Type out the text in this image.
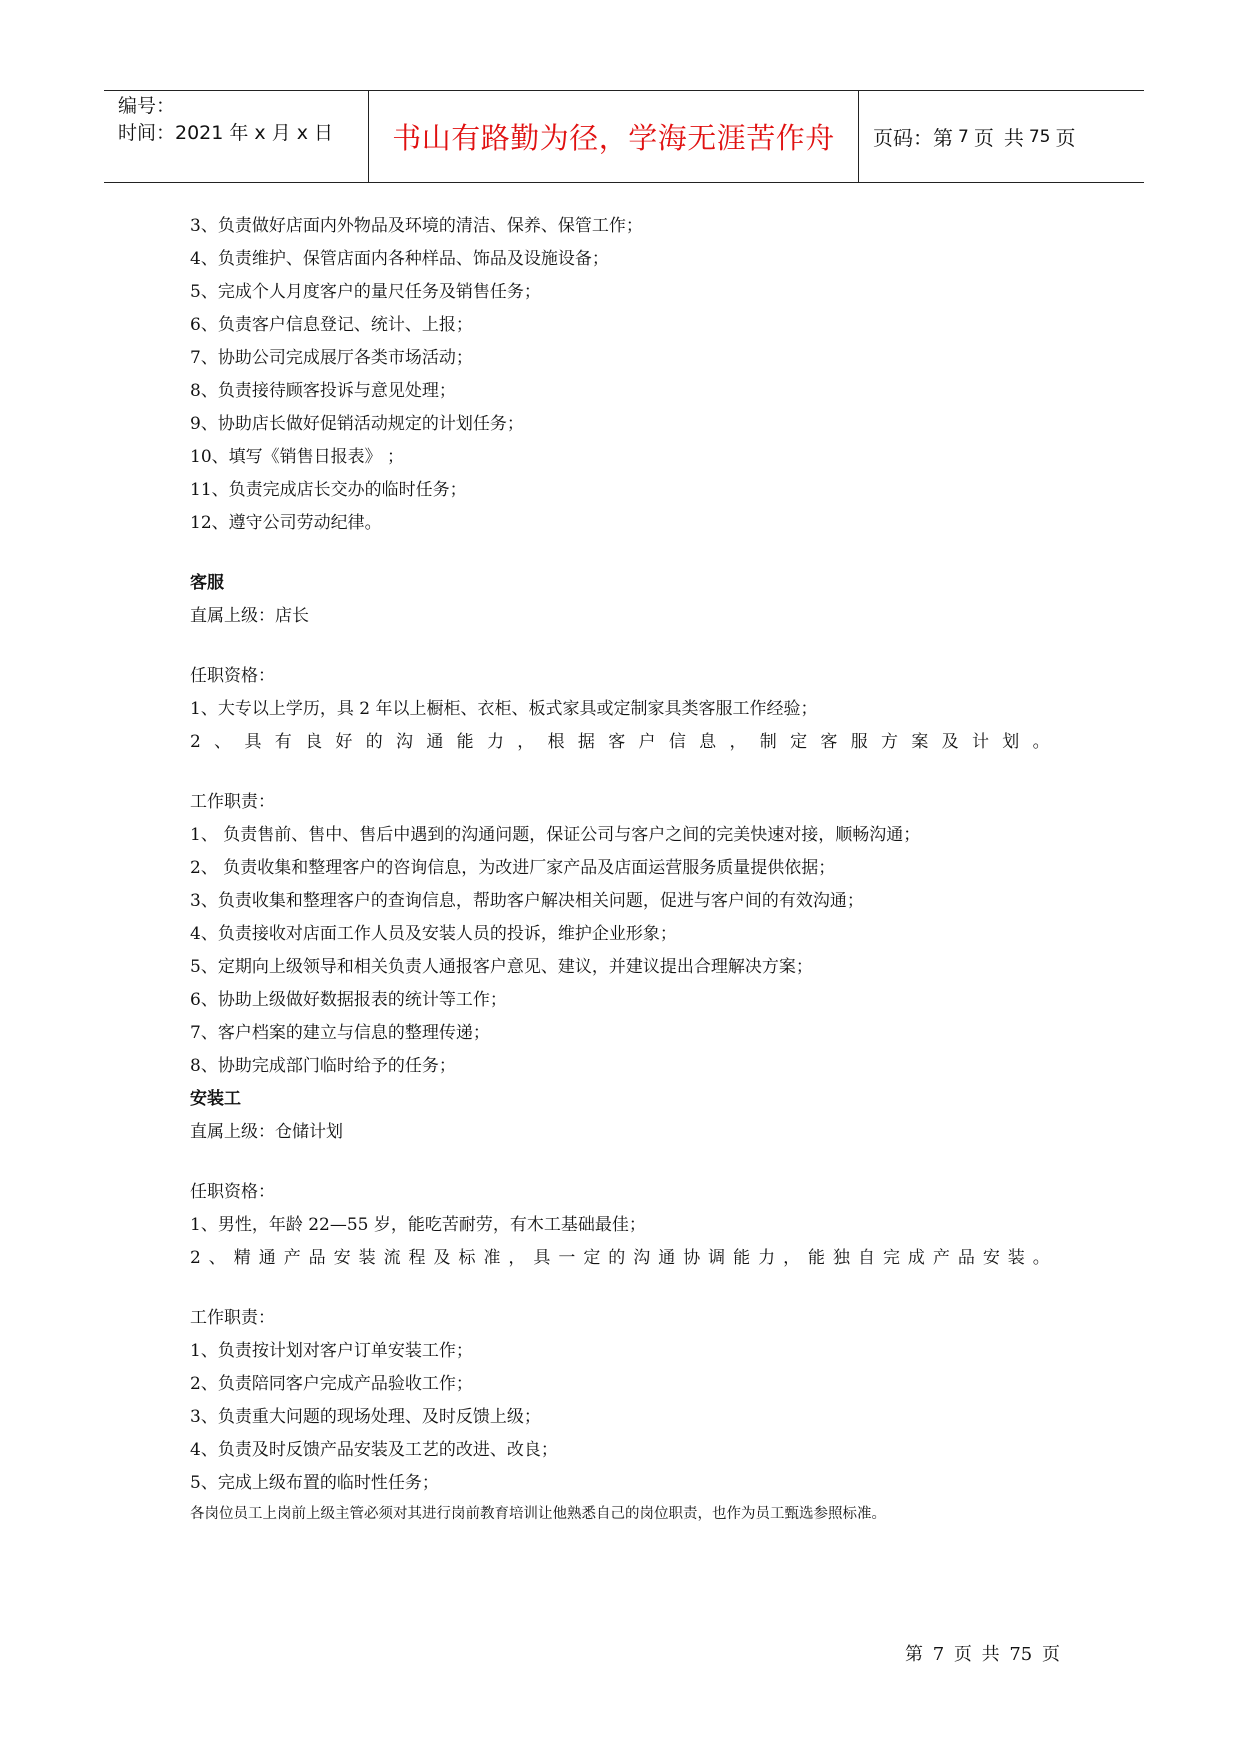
编号：
时间：2021 年 x 月 x 日	书山有路勤为径，学海无涯苦作舟	页码：第 7 页 共 75 页
3、负责做好店面内外物品及环境的清洁、保养、保管工作；
4、负责维护、保管店面内各种样品、饰品及设施设备；
5、完成个人月度客户的量尺任务及销售任务；
6、负责客户信息登记、统计、上报；
7、协助公司完成展厅各类市场活动；
8、负责接待顾客投诉与意见处理；
9、协助店长做好促销活动规定的计划任务；
10、填写《销售日报表》 ；
11、负责完成店长交办的临时任务；
12、遵守公司劳动纪律。
客服
直属上级：店长
任职资格：
1、大专以上学历，具 2 年以上橱柜、衣柜、板式家具或定制家具类客服工作经验；
2 、 具 有 良 好 的 沟 通 能 力 ， 根 据 客 户 信 息 ， 制 定 客 服 方 案 及 计 划 。
工作职责：
1、 负责售前、售中、售后中遇到的沟通问题，保证公司与客户之间的完美快速对接，顺畅沟通；
2、 负责收集和整理客户的咨询信息，为改进厂家产品及店面运营服务质量提供依据；
3、负责收集和整理客户的查询信息，帮助客户解决相关问题，促进与客户间的有效沟通；
4、负责接收对店面工作人员及安装人员的投诉，维护企业形象；
5、定期向上级领导和相关负责人通报客户意见、建议，并建议提出合理解决方案；
6、协助上级做好数据报表的统计等工作；
7、客户档案的建立与信息的整理传递；
8、协助完成部门临时给予的任务；
安装工
直属上级：仓储计划
任职资格：
1、男性，年龄 22—55 岁，能吃苦耐劳，有木工基础最佳；
2 、 精 通 产 品 安 装 流 程 及 标 准 ， 具 一 定 的 沟 通 协 调 能 力 ， 能 独 自 完 成 产 品 安 装 。
工作职责：
1、负责按计划对客户订单安装工作；
2、负责陪同客户完成产品验收工作；
3、负责重大问题的现场处理、及时反馈上级；
4、负责及时反馈产品安装及工艺的改进、改良；
5、完成上级布置的临时性任务；
各岗位员工上岗前上级主管必须对其进行岗前教育培训让他熟悉自己的岗位职责，也作为员工甄选参照标准。
第 7 页 共 75 页
